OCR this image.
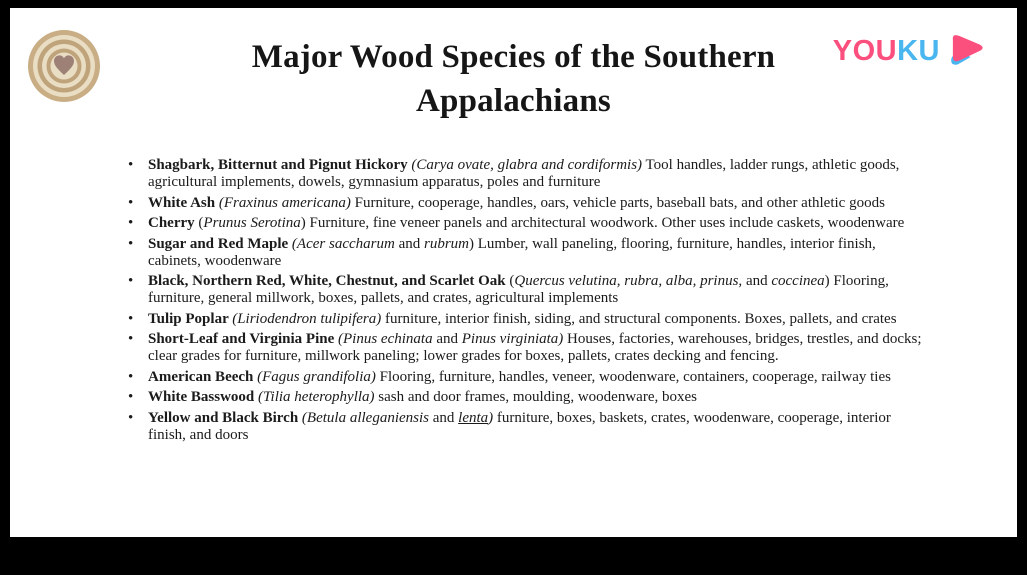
Major Wood Species of the Southern Appalachians
YOUKU
• Shagbark, Bitternut and Pignut Hickory (Carya ovate, glabra and cordiformis) Tool handles, ladder rungs, athletic goods, agricultural implements, dowels, gymnasium apparatus, poles and furniture
• White Ash (Fraxinus americana) Furniture, cooperage, handles, oars, vehicle parts, baseball bats, and other athletic goods
• Cherry (Prunus Serotina) Furniture, fine veneer panels and architectural woodwork. Other uses include caskets, woodenware
• Sugar and Red Maple (Acer saccharum and rubrum) Lumber, wall paneling, flooring, furniture, handles, interior finish, cabinets, woodenware
• Black, Northern Red, White, Chestnut, and Scarlet Oak (Quercus velutina, rubra, alba, prinus, and coccinea) Flooring, furniture, general millwork, boxes, pallets, and crates, agricultural implements
• Tulip Poplar (Liriodendron tulipifera) furniture, interior finish, siding, and structural components. Boxes, pallets, and crates
• Short-Leaf and Virginia Pine (Pinus echinata and Pinus virginiata) Houses, factories, warehouses, bridges, trestles, and docks; clear grades for furniture, millwork paneling; lower grades for boxes, pallets, crates decking and fencing.
• American Beech (Fagus grandifolia) Flooring, furniture, handles, veneer, woodenware, containers, cooperage, railway ties
• White Basswood (Tilia heterophylla) sash and door frames, moulding, woodenware, boxes
• Yellow and Black Birch (Betula alleganiensis and lenta) furniture, boxes, baskets, crates, woodenware, cooperage, interior finish, and doors
